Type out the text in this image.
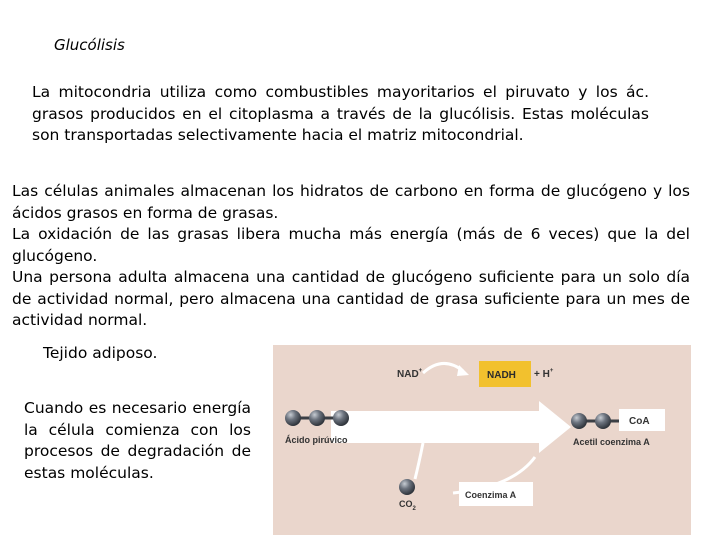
Glucólisis
La mitocondria utiliza como combustibles mayoritarios el piruvato y los ác. grasos producidos en el citoplasma a través de la glucólisis. Estas moléculas son transportadas selectivamente hacia el matriz mitocondrial.
Las células animales almacenan los hidratos de carbono en forma de glucógeno y los ácidos grasos en forma de grasas.
La oxidación de las grasas libera mucha más energía (más de 6 veces) que la del glucógeno.
Una persona adulta almacena una cantidad de glucógeno suficiente para un solo día de actividad normal, pero almacena una cantidad de grasa suficiente para un mes de actividad normal.
Tejido adiposo.
Cuando es necesario energía la célula comienza con los procesos de degradación de estas moléculas.
NAD+	NADH + H+
Ácido pirúvico
CoA
Acetil coenzima A
$CO_2$
Coenzima A
